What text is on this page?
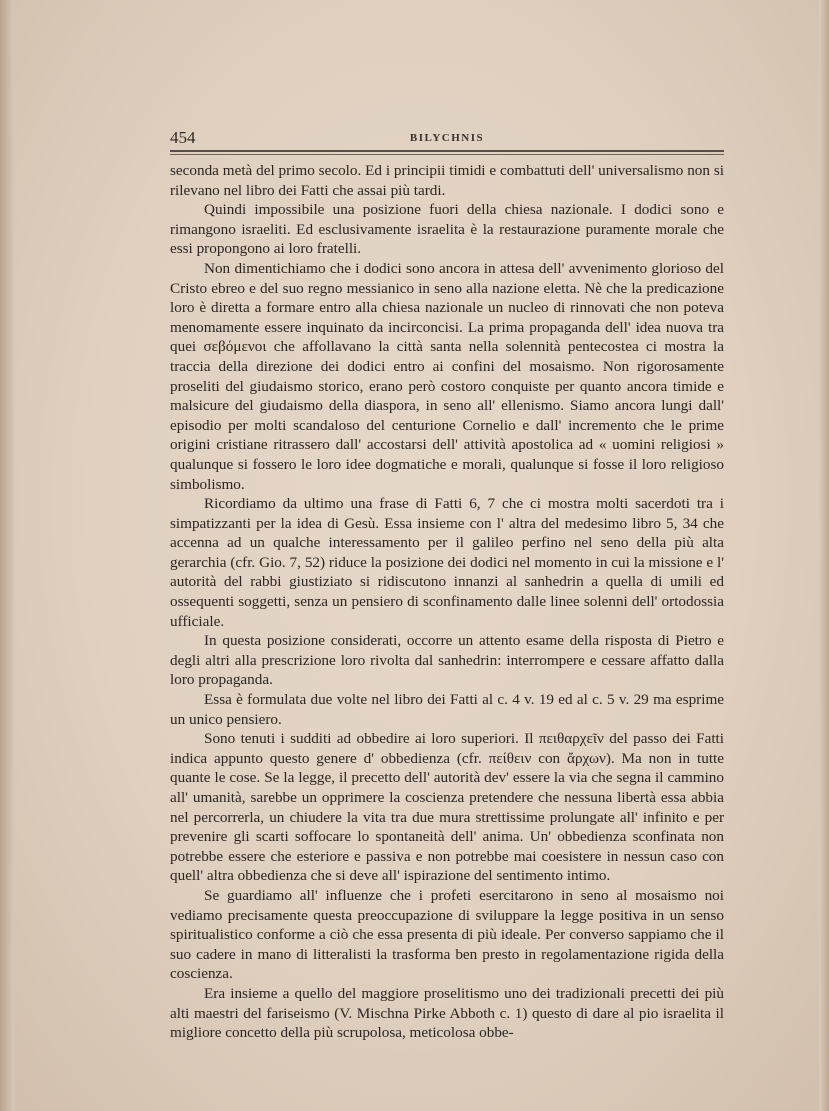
454	BILYCHNIS

seconda metà del primo secolo. Ed i principii timidi e combattuti dell' universalismo non si rilevano nel libro dei Fatti che assai più tardi.

Quindi impossibile una posizione fuori della chiesa nazionale. I dodici sono e rimangono israeliti. Ed esclusivamente israelita è la restaurazione puramente morale che essi propongono ai loro fratelli.

Non dimentichiamo che i dodici sono ancora in attesa dell' avvenimento glorioso del Cristo ebreo e del suo regno messianico in seno alla nazione eletta. Nè che la predicazione loro è diretta a formare entro alla chiesa nazionale un nucleo di rinnovati che non poteva menomamente essere inquinato da incirconcisi. La prima propaganda dell' idea nuova tra quei σεβόμενοι che affollavano la città santa nella solennità pentecostea ci mostra la traccia della direzione dei dodici entro ai confini del mosaismo. Non rigorosamente proseliti del giudaismo storico, erano però costoro conquiste per quanto ancora timide e malsicure del giudaismo della diaspora, in seno all' ellenismo. Siamo ancora lungi dall' episodio per molti scandaloso del centurione Cornelio e dall' incremento che le prime origini cristiane ritrassero dall' accostarsi dell' attività apostolica ad « uomini religiosi » qualunque si fossero le loro idee dogmatiche e morali, qualunque si fosse il loro religioso simbolismo.

Ricordiamo da ultimo una frase di Fatti 6, 7 che ci mostra molti sacerdoti tra i simpatizzanti per la idea di Gesù. Essa insieme con l' altra del medesimo libro 5, 34 che accenna ad un qualche interessamento per il galileo perfino nel seno della più alta gerarchia (cfr. Gio. 7, 52) riduce la posizione dei dodici nel momento in cui la missione e l' autorità del rabbi giustiziato si ridiscutono innanzi al sanhedrin a quella di umili ed ossequenti soggetti, senza un pensiero di sconfinamento dalle linee solenni dell' ortodossia ufficiale.

In questa posizione considerati, occorre un attento esame della risposta di Pietro e degli altri alla prescrizione loro rivolta dal sanhedrin: interrompere e cessare affatto dalla loro propaganda.

Essa è formulata due volte nel libro dei Fatti al c. 4 v. 19 ed al c. 5 v. 29 ma esprime un unico pensiero.

Sono tenuti i sudditi ad obbedire ai loro superiori. Il πειθαρχεῖν del passo dei Fatti indica appunto questo genere d' obbedienza (cfr. πείθειν con ἄρχων). Ma non in tutte quante le cose. Se la legge, il precetto dell' autorità dev' essere la via che segna il cammino all' umanità, sarebbe un opprimere la coscienza pretendere che nessuna libertà essa abbia nel percorrerla, un chiudere la vita tra due mura strettissime prolungate all' infinito e per prevenire gli scarti soffocare lo spontaneità dell' anima. Un' obbedienza sconfinata non potrebbe essere che esteriore e passiva e non potrebbe mai coesistere in nessun caso con quell' altra obbedienza che si deve all' ispirazione del sentimento intimo.

Se guardiamo all' influenze che i profeti esercitarono in seno al mosaismo noi vediamo precisamente questa preoccupazione di sviluppare la legge positiva in un senso spiritualistico conforme a ciò che essa presenta di più ideale. Per converso sappiamo che il suo cadere in mano di litteralisti la trasforma ben presto in regolamentazione rigida della coscienza.

Era insieme a quello del maggiore proselitismo uno dei tradizionali precetti dei più alti maestri del fariseismo (V. Mischna Pirke Abboth c. 1) questo di dare al pio israelita il migliore concetto della più scrupolosa, meticolosa obbe-
